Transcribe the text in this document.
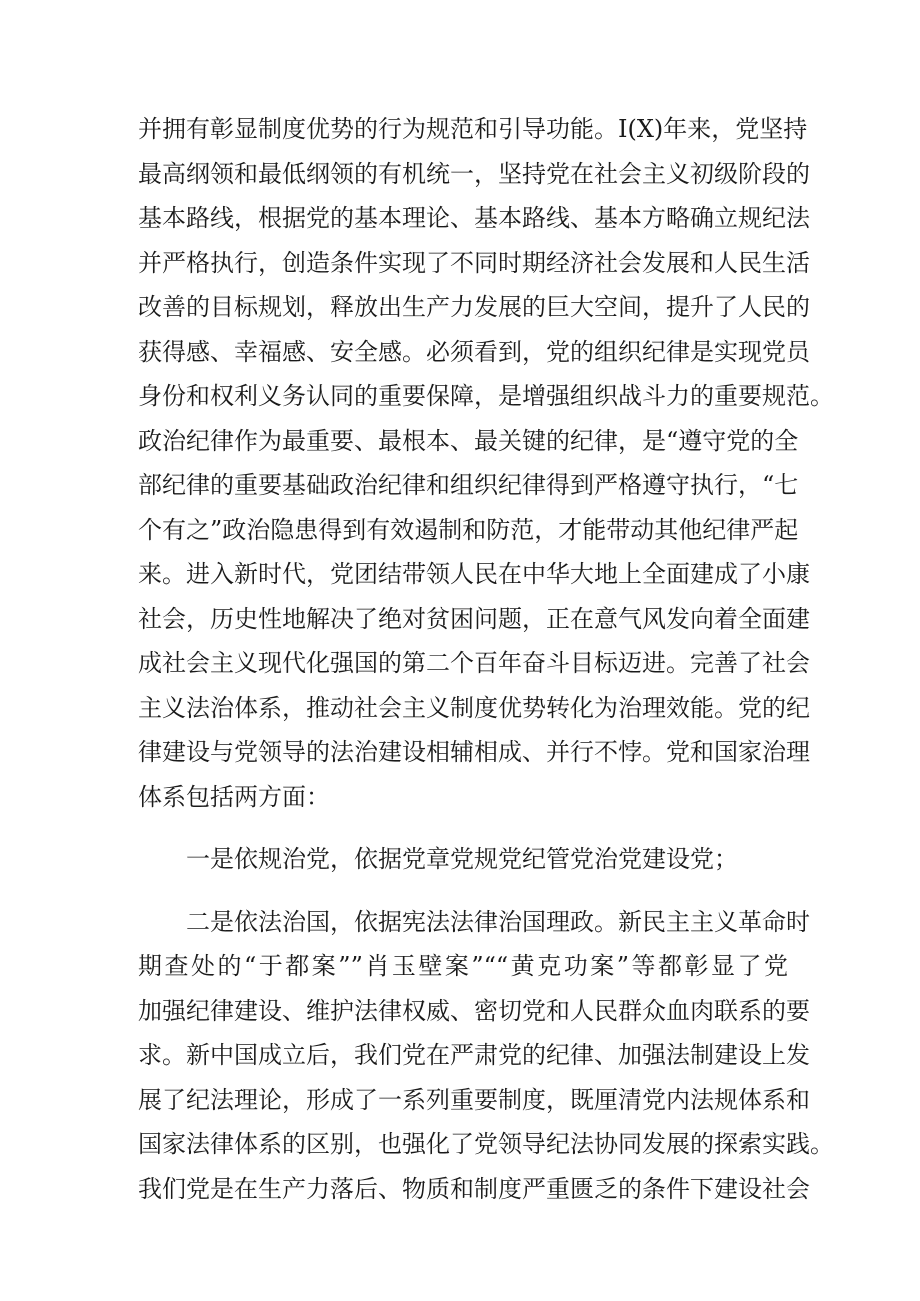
并拥有彰显制度优势的行为规范和引导功能。I(X)年来，党坚持
最高纲领和最低纲领的有机统一，坚持党在社会主义初级阶段的
基本路线，根据党的基本理论、基本路线、基本方略确立规纪法
并严格执行，创造条件实现了不同时期经济社会发展和人民生活
改善的目标规划，释放出生产力发展的巨大空间，提升了人民的
获得感、幸福感、安全感。必须看到，党的组织纪律是实现党员
身份和权利义务认同的重要保障，是增强组织战斗力的重要规范。
政治纪律作为最重要、最根本、最关键的纪律，是“遵守党的全
部纪律的重要基础政治纪律和组织纪律得到严格遵守执行，“七
个有之”政治隐患得到有效遏制和防范，才能带动其他纪律严起
来。进入新时代，党团结带领人民在中华大地上全面建成了小康
社会，历史性地解决了绝对贫困问题，正在意气风发向着全面建
成社会主义现代化强国的第二个百年奋斗目标迈进。完善了社会
主义法治体系，推动社会主义制度优势转化为治理效能。党的纪
律建设与党领导的法治建设相辅相成、并行不悖。党和国家治理
体系包括两方面：

一是依规治党，依据党章党规党纪管党治党建设党；

二是依法治国，依据宪法法律治国理政。新民主主义革命时
期查处的“于都案””肖玉壁案”““黄克功案”等都彰显了党
加强纪律建设、维护法律权威、密切党和人民群众血肉联系的要
求。新中国成立后，我们党在严肃党的纪律、加强法制建设上发
展了纪法理论，形成了一系列重要制度，既厘清党内法规体系和
国家法律体系的区别，也强化了党领导纪法协同发展的探索实践。
我们党是在生产力落后、物质和制度严重匮乏的条件下建设社会
